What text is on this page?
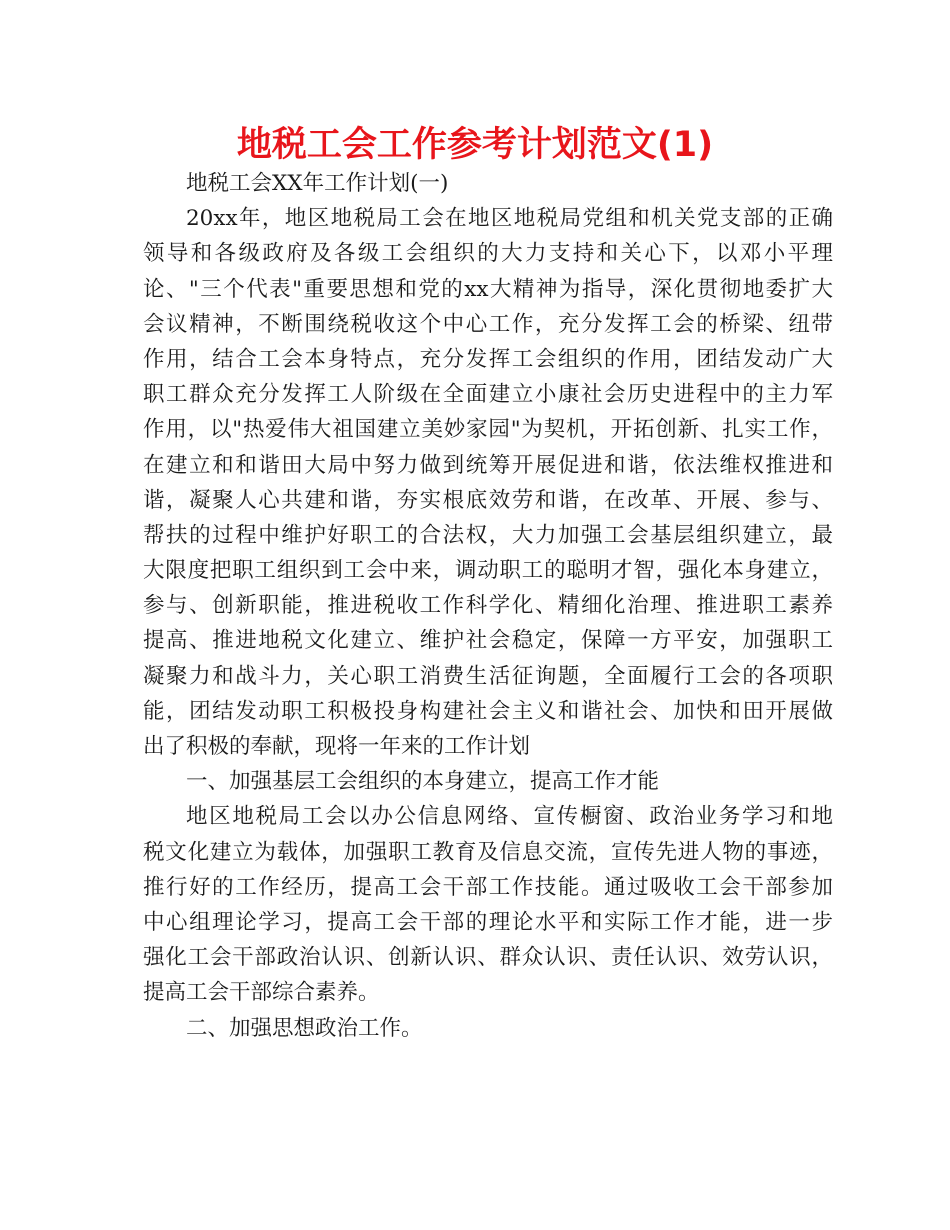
地税工会工作参考计划范文(1)
地税工会XX年工作计划(一)
20xx年，地区地税局工会在地区地税局党组和机关党支部的正确
领导和各级政府及各级工会组织的大力支持和关心下，以邓小平理
论、"三个代表"重要思想和党的xx大精神为指导，深化贯彻地委扩大
会议精神，不断围绕税收这个中心工作，充分发挥工会的桥梁、纽带
作用，结合工会本身特点，充分发挥工会组织的作用，团结发动广大
职工群众充分发挥工人阶级在全面建立小康社会历史进程中的主力军
作用，以"热爱伟大祖国建立美妙家园"为契机，开拓创新、扎实工作，
在建立和和谐田大局中努力做到统筹开展促进和谐，依法维权推进和
谐，凝聚人心共建和谐，夯实根底效劳和谐，在改革、开展、参与、
帮扶的过程中维护好职工的合法权，大力加强工会基层组织建立，最
大限度把职工组织到工会中来，调动职工的聪明才智，强化本身建立，
参与、创新职能，推进税收工作科学化、精细化治理、推进职工素养
提高、推进地税文化建立、维护社会稳定，保障一方平安，加强职工
凝聚力和战斗力，关心职工消费生活征询题，全面履行工会的各项职
能，团结发动职工积极投身构建社会主义和谐社会、加快和田开展做
出了积极的奉献，现将一年来的工作计划
一、加强基层工会组织的本身建立，提高工作才能
地区地税局工会以办公信息网络、宣传橱窗、政治业务学习和地
税文化建立为载体，加强职工教育及信息交流，宣传先进人物的事迹，
推行好的工作经历，提高工会干部工作技能。通过吸收工会干部参加
中心组理论学习，提高工会干部的理论水平和实际工作才能，进一步
强化工会干部政治认识、创新认识、群众认识、责任认识、效劳认识，
提高工会干部综合素养。
二、加强思想政治工作。
